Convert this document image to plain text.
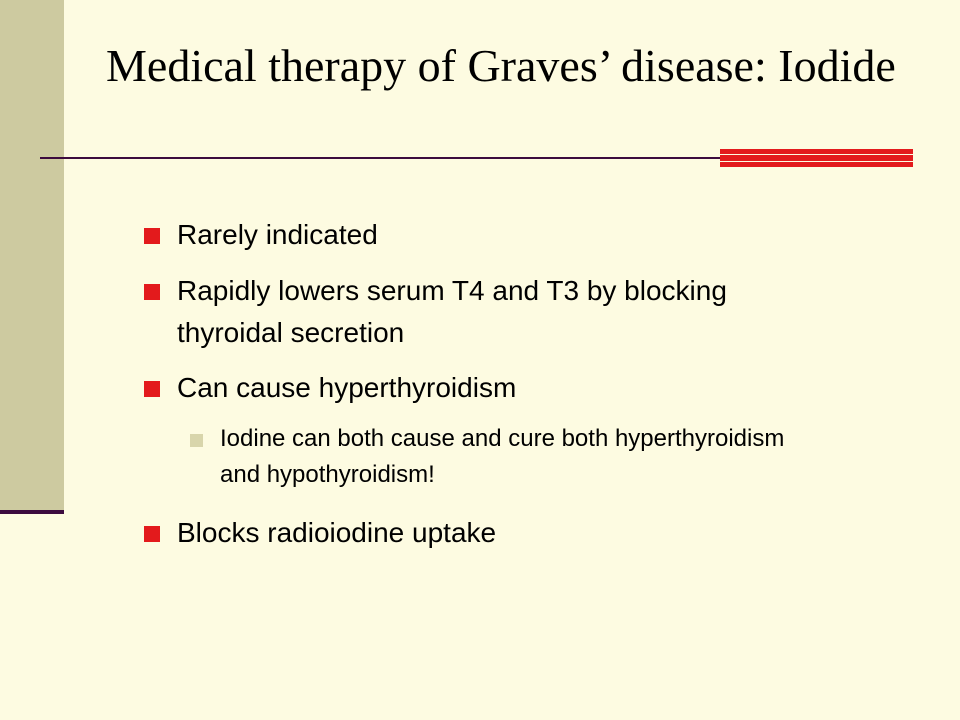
Medical therapy of Graves’ disease: Iodide

Rarely indicated

Rapidly lowers serum T4 and T3 by blocking thyroidal secretion

Can cause hyperthyroidism

Iodine can both cause and cure both hyperthyroidism and hypothyroidism!

Blocks radioiodine uptake
